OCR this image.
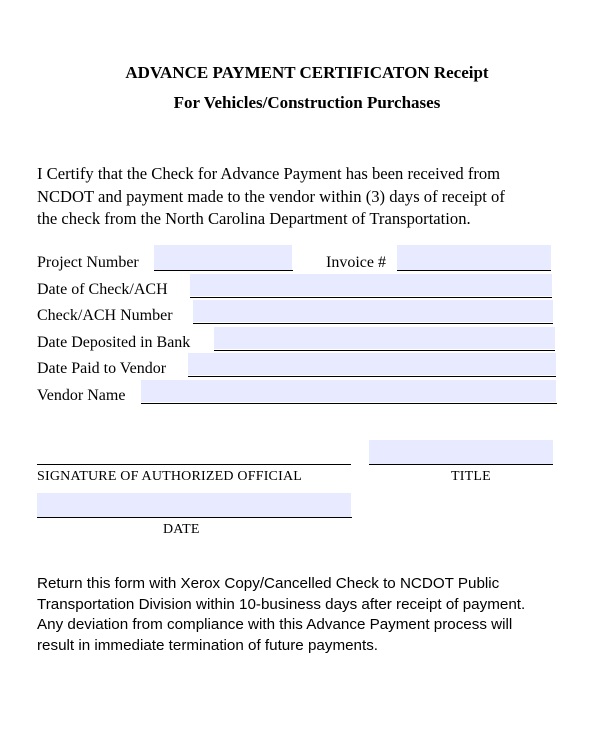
ADVANCE PAYMENT CERTIFICATON Receipt
For Vehicles/Construction Purchases
I Certify that the Check for Advance Payment has been received from
NCDOT and payment made to the vendor within (3) days of receipt of
the check from the North Carolina Department of Transportation.
Project Number	Invoice #
Date of Check/ACH
Check/ACH Number
Date Deposited in Bank
Date Paid to Vendor
Vendor Name
SIGNATURE OF AUTHORIZED OFFICIAL	TITLE
DATE
Return this form with Xerox Copy/Cancelled Check to NCDOT Public
Transportation Division within 10-business days after receipt of payment.
Any deviation from compliance with this Advance Payment process will
result in immediate termination of future payments.
